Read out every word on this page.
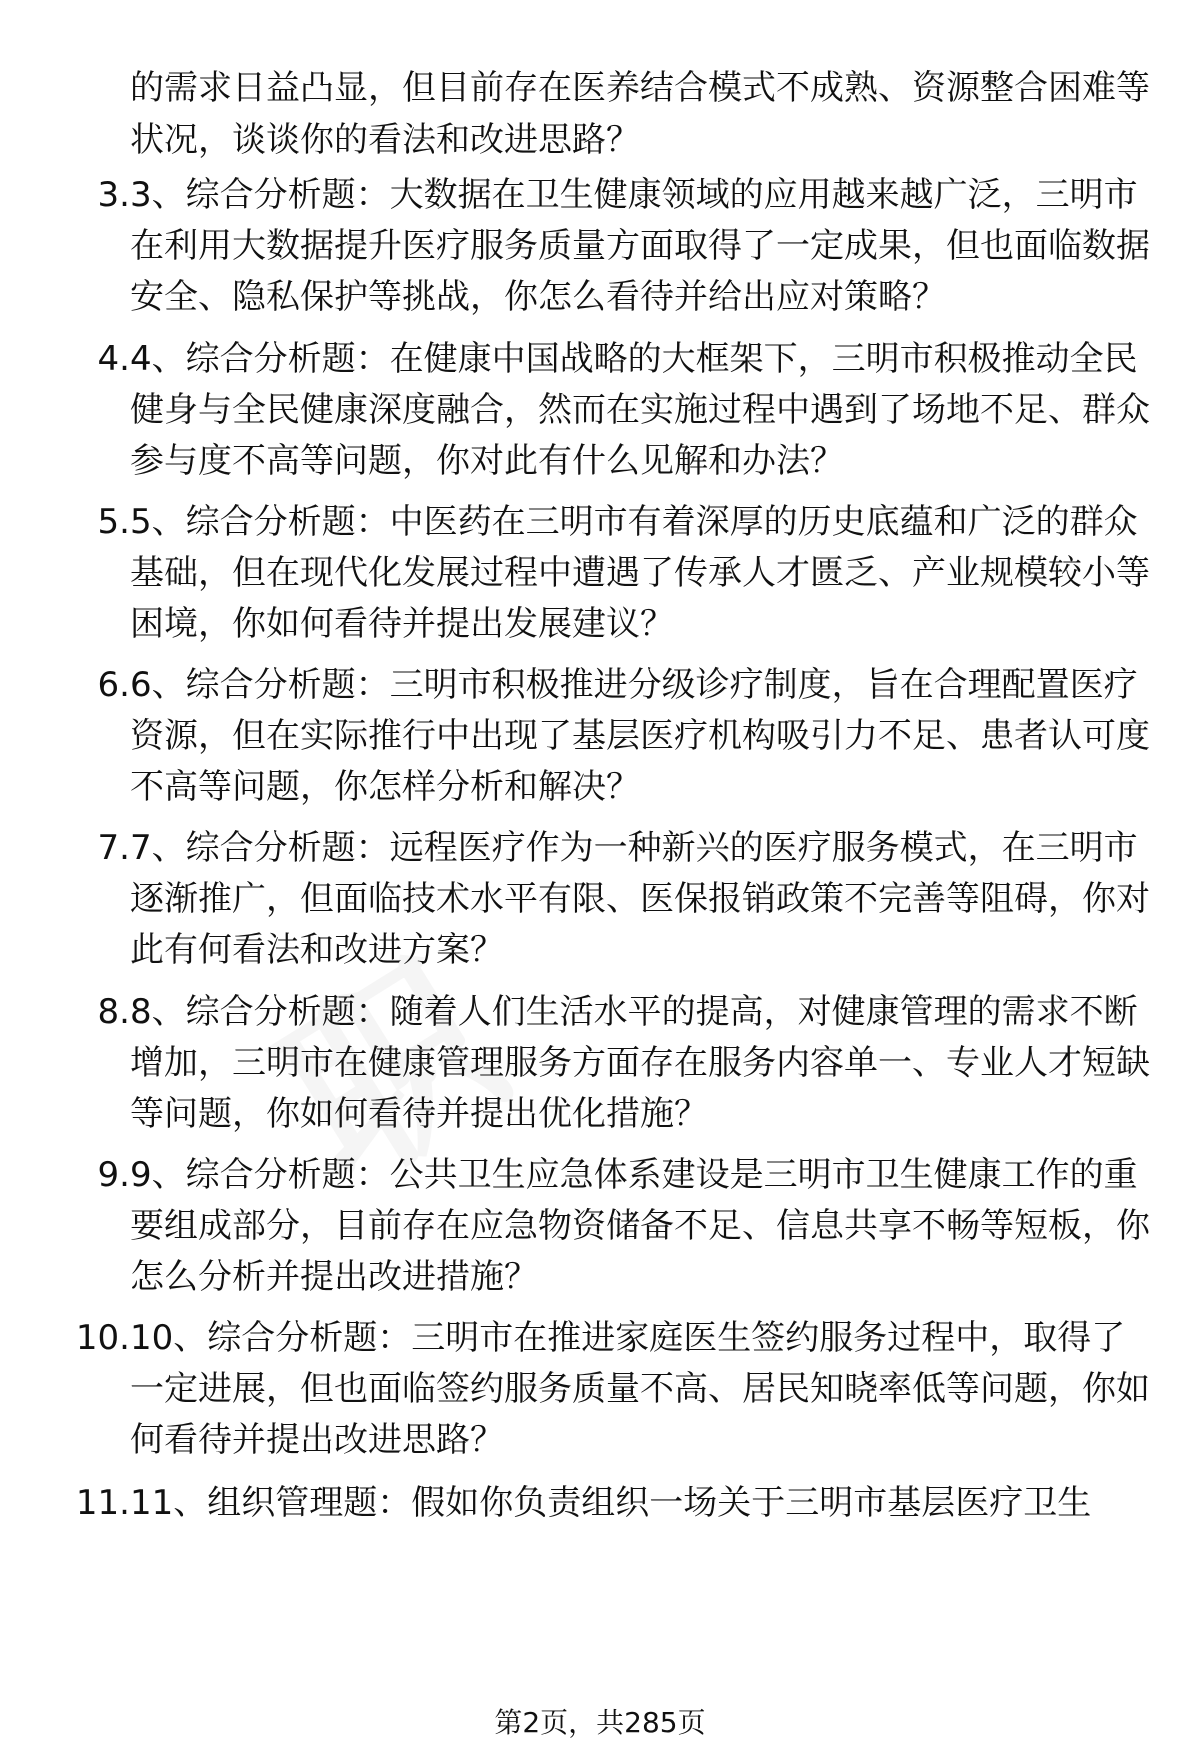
的需求日益凸显，但目前存在医养结合模式不成熟、资源整合困难等状况，谈谈你的看法和改进思路？
3. 3、综合分析题：大数据在卫生健康领域的应用越来越广泛，三明市在利用大数据提升医疗服务质量方面取得了一定成果，但也面临数据安全、隐私保护等挑战，你怎么看待并给出应对策略？
4. 4、综合分析题：在健康中国战略的大框架下，三明市积极推动全民健身与全民健康深度融合，然而在实施过程中遇到了场地不足、群众参与度不高等问题，你对此有什么见解和办法？
5. 5、综合分析题：中医药在三明市有着深厚的历史底蕴和广泛的群众基础，但在现代化发展过程中遭遇了传承人才匮乏、产业规模较小等困境，你如何看待并提出发展建议？
6. 6、综合分析题：三明市积极推进分级诊疗制度，旨在合理配置医疗资源，但在实际推行中出现了基层医疗机构吸引力不足、患者认可度不高等问题，你怎样分析和解决？
7. 7、综合分析题：远程医疗作为一种新兴的医疗服务模式，在三明市逐渐推广，但面临技术水平有限、医保报销政策不完善等阻碍，你对此有何看法和改进方案？
8. 8、综合分析题：随着人们生活水平的提高，对健康管理的需求不断增加，三明市在健康管理服务方面存在服务内容单一、专业人才短缺等问题，你如何看待并提出优化措施？
9. 9、综合分析题：公共卫生应急体系建设是三明市卫生健康工作的重要组成部分，目前存在应急物资储备不足、信息共享不畅等短板，你怎么分析并提出改进措施？
10. 10、综合分析题：三明市在推进家庭医生签约服务过程中，取得了一定进展，但也面临签约服务质量不高、居民知晓率低等问题，你如何看待并提出改进思路？
11. 11、组织管理题：假如你负责组织一场关于三明市基层医疗卫生
第2页，共285页
